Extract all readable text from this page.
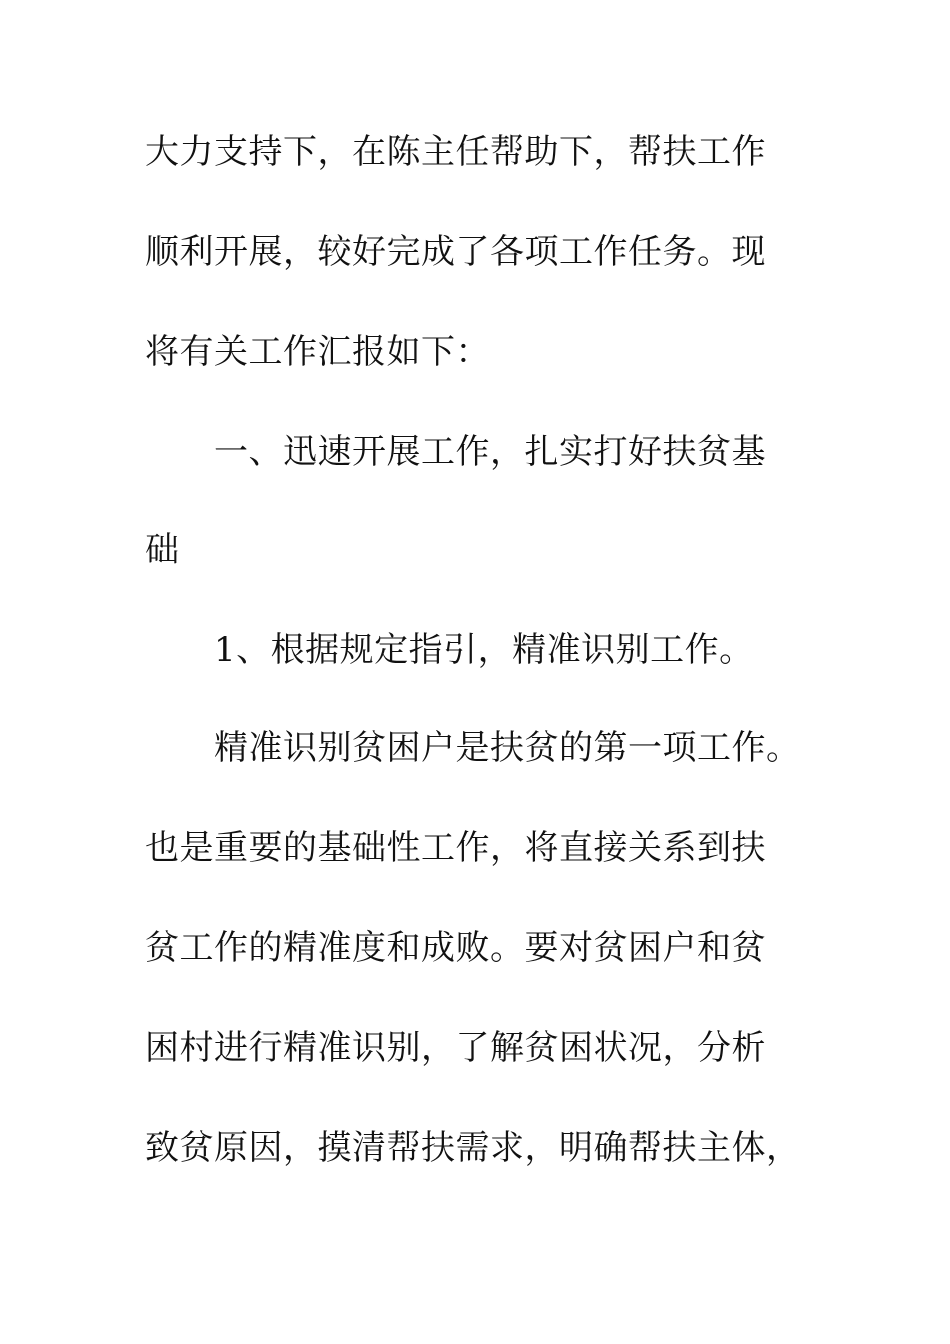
大力支持下，在陈主任帮助下，帮扶工作
顺利开展，较好完成了各项工作任务。现
将有关工作汇报如下：
一、迅速开展工作，扎实打好扶贫基
础
1、根据规定指引，精准识别工作。
精准识别贫困户是扶贫的第一项工作。
也是重要的基础性工作，将直接关系到扶
贫工作的精准度和成败。要对贫困户和贫
困村进行精准识别，了解贫困状况，分析
致贫原因，摸清帮扶需求，明确帮扶主体，
